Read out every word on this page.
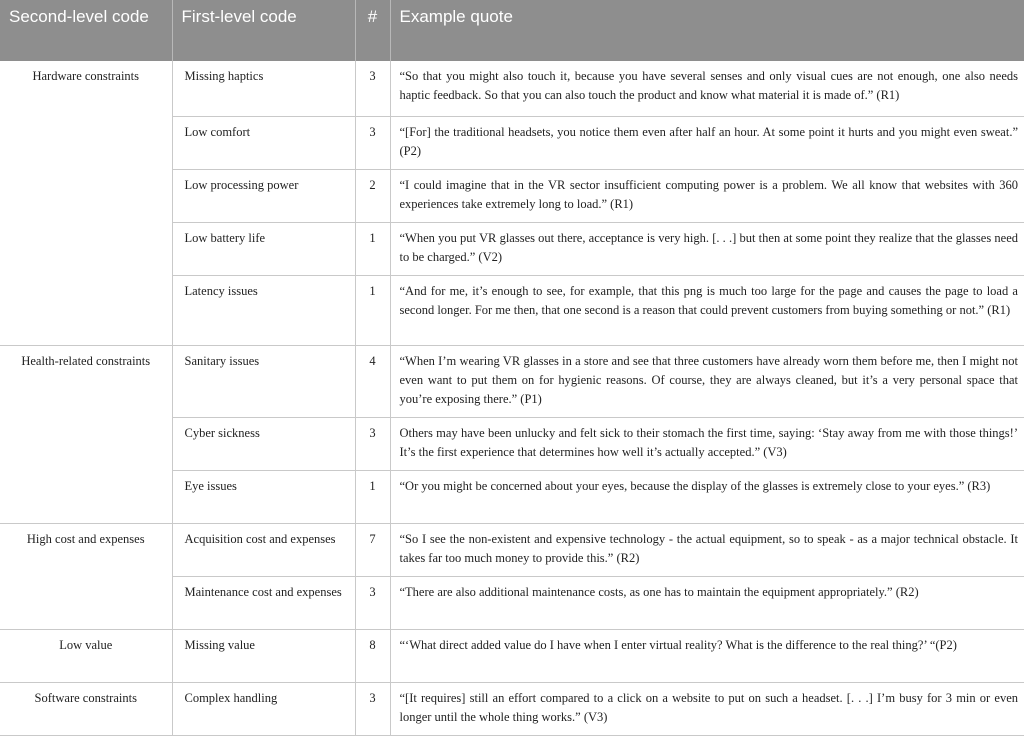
Second-level code	First-level code	#	Example quote
Hardware constraints	Missing haptics	3	“So that you might also touch it, because you have several senses and only visual cues are not enough, one also needs haptic feedback. So that you can also touch the product and know what material it is made of.” (R1)
	Low comfort	3	“[For] the traditional headsets, you notice them even after half an hour. At some point it hurts and you might even sweat.” (P2)
	Low processing power	2	“I could imagine that in the VR sector insufficient computing power is a problem. We all know that websites with 360 experiences take extremely long to load.” (R1)
	Low battery life	1	“When you put VR glasses out there, acceptance is very high. [. . .] but then at some point they realize that the glasses need to be charged.” (V2)
	Latency issues	1	“And for me, it’s enough to see, for example, that this png is much too large for the page and causes the page to load a second longer. For me then, that one second is a reason that could prevent customers from buying something or not.” (R1)
Health-related constraints	Sanitary issues	4	“When I’m wearing VR glasses in a store and see that three customers have already worn them before me, then I might not even want to put them on for hygienic reasons. Of course, they are always cleaned, but it’s a very personal space that you’re exposing there.” (P1)
	Cyber sickness	3	Others may have been unlucky and felt sick to their stomach the first time, saying: ‘Stay away from me with those things!’ It’s the first experience that determines how well it’s actually accepted.” (V3)
	Eye issues	1	“Or you might be concerned about your eyes, because the display of the glasses is extremely close to your eyes.” (R3)
High cost and expenses	Acquisition cost and expenses	7	“So I see the non-existent and expensive technology - the actual equipment, so to speak - as a major technical obstacle. It takes far too much money to provide this.” (R2)
	Maintenance cost and expenses	3	“There are also additional maintenance costs, as one has to maintain the equipment appropriately.” (R2)
Low value	Missing value	8	“‘What direct added value do I have when I enter virtual reality? What is the difference to the real thing?’ “(P2)
Software constraints	Complex handling	3	“[It requires] still an effort compared to a click on a website to put on such a headset. [. . .] I’m busy for 3 min or even longer until the whole thing works.” (V3)
